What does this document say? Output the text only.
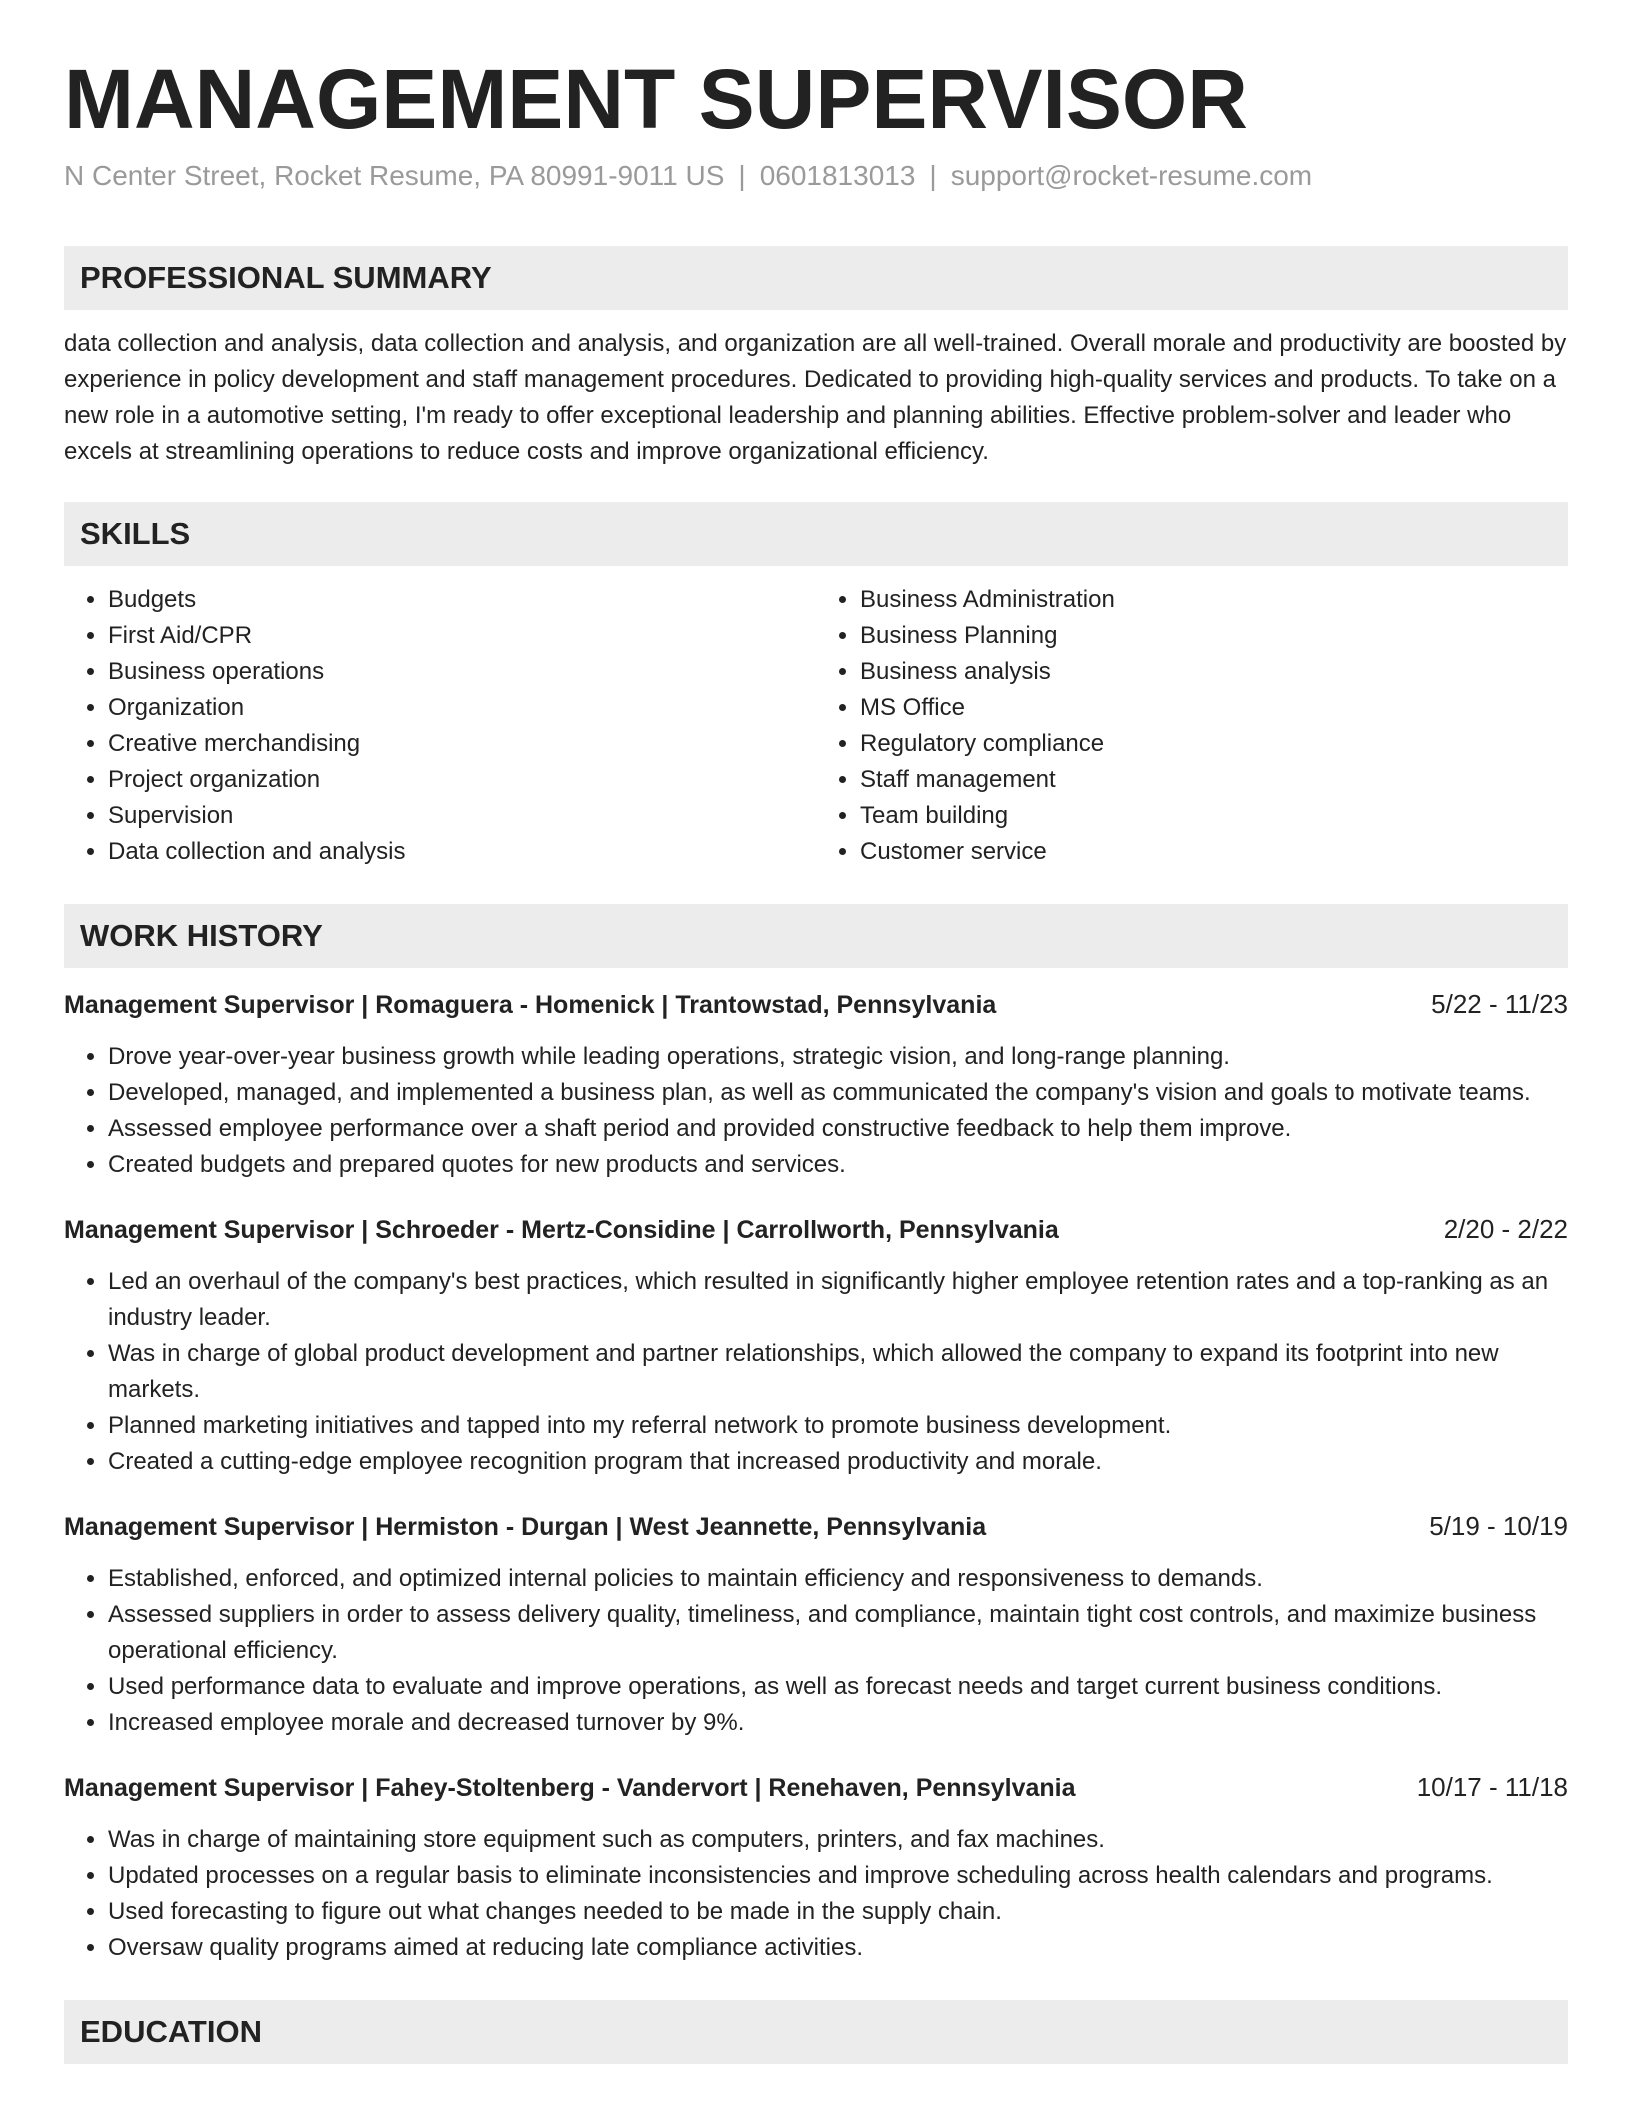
MANAGEMENT SUPERVISOR
N Center Street, Rocket Resume, PA 80991-9011 US | 0601813013 | support@rocket-resume.com
PROFESSIONAL SUMMARY
data collection and analysis, data collection and analysis, and organization are all well-trained. Overall morale and productivity are boosted by experience in policy development and staff management procedures. Dedicated to providing high-quality services and products. To take on a new role in a automotive setting, I'm ready to offer exceptional leadership and planning abilities. Effective problem-solver and leader who excels at streamlining operations to reduce costs and improve organizational efficiency.
SKILLS
• Budgets
• First Aid/CPR
• Business operations
• Organization
• Creative merchandising
• Project organization
• Supervision
• Data collection and analysis
• Business Administration
• Business Planning
• Business analysis
• MS Office
• Regulatory compliance
• Staff management
• Team building
• Customer service
WORK HISTORY
Management Supervisor | Romaguera - Homenick | Trantowstad, Pennsylvania	5/22 - 11/23
• Drove year-over-year business growth while leading operations, strategic vision, and long-range planning.
• Developed, managed, and implemented a business plan, as well as communicated the company's vision and goals to motivate teams.
• Assessed employee performance over a shaft period and provided constructive feedback to help them improve.
• Created budgets and prepared quotes for new products and services.
Management Supervisor | Schroeder - Mertz-Considine | Carrollworth, Pennsylvania	2/20 - 2/22
• Led an overhaul of the company's best practices, which resulted in significantly higher employee retention rates and a top-ranking as an industry leader.
• Was in charge of global product development and partner relationships, which allowed the company to expand its footprint into new markets.
• Planned marketing initiatives and tapped into my referral network to promote business development.
• Created a cutting-edge employee recognition program that increased productivity and morale.
Management Supervisor | Hermiston - Durgan | West Jeannette, Pennsylvania	5/19 - 10/19
• Established, enforced, and optimized internal policies to maintain efficiency and responsiveness to demands.
• Assessed suppliers in order to assess delivery quality, timeliness, and compliance, maintain tight cost controls, and maximize business operational efficiency.
• Used performance data to evaluate and improve operations, as well as forecast needs and target current business conditions.
• Increased employee morale and decreased turnover by 9%.
Management Supervisor | Fahey-Stoltenberg - Vandervort | Renehaven, Pennsylvania	10/17 - 11/18
• Was in charge of maintaining store equipment such as computers, printers, and fax machines.
• Updated processes on a regular basis to eliminate inconsistencies and improve scheduling across health calendars and programs.
• Used forecasting to figure out what changes needed to be made in the supply chain.
• Oversaw quality programs aimed at reducing late compliance activities.
EDUCATION
